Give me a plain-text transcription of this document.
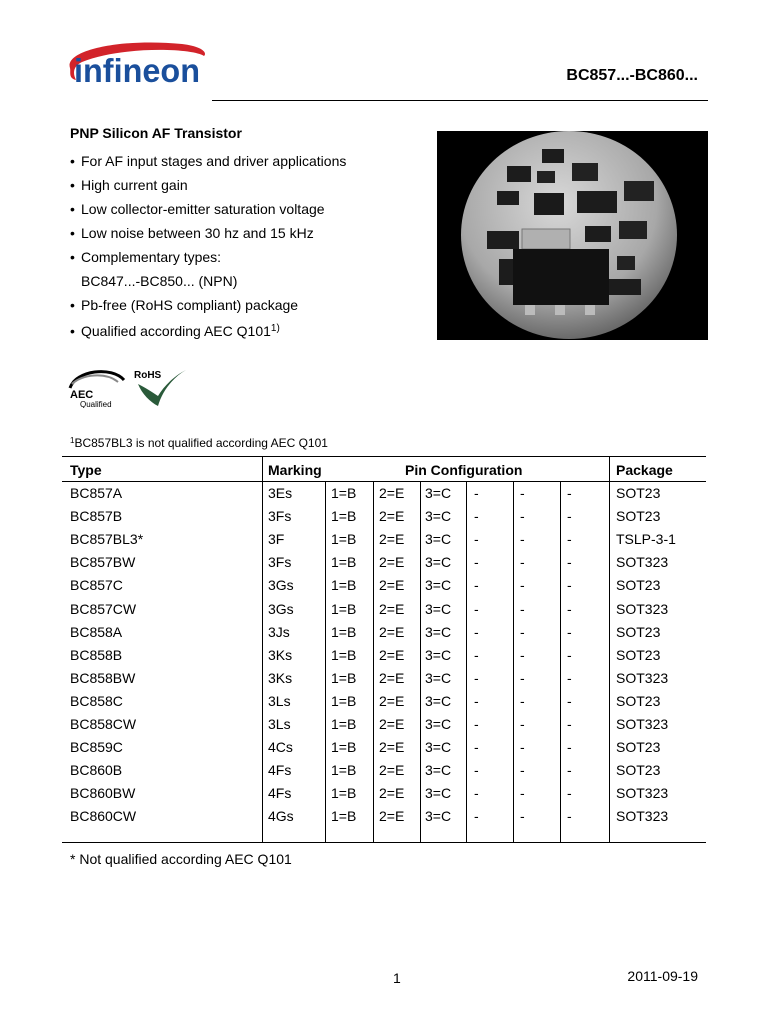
infineon	BC857...-BC860...
PNP Silicon AF Transistor
• For AF input stages and driver applications
• High current gain
• Low collector-emitter saturation voltage
• Low noise between 30 hz and 15 kHz
• Complementary types:
BC847...-BC850... (NPN)
• Pb-free (RoHS compliant) package
• Qualified according AEC Q101$^{1)}$
AEC
Qualified
RoHS
$^1$BC857BL3 is not qualified according AEC Q101
Type	Marking	Pin Configuration	Package
BC857A	3Es	1=B 2=E 3=C -	-	-	SOT23
BC857B	3Fs	1=B 2=E 3=C -	-	-	SOT23
BC857BL3*	3F	1=B 2=E 3=C -	-	-	TSLP-3-1
BC857BW	3Fs	1=B 2=E 3=C -	-	-	SOT323
BC857C	3Gs	1=B 2=E 3=C -	-	-	SOT23
BC857CW	3Gs	1=B 2=E 3=C -	-	-	SOT323
BC858A	3Js	1=B 2=E 3=C -	-	-	SOT23
BC858B	3Ks	1=B 2=E 3=C -	-	-	SOT23
BC858BW	3Ks	1=B 2=E 3=C -	-	-	SOT323
BC858C	3Ls	1=B 2=E 3=C -	-	-	SOT23
BC858CW	3Ls	1=B 2=E 3=C -	-	-	SOT323
BC859C	4Cs	1=B 2=E 3=C -	-	-	SOT23
BC860B	4Fs	1=B 2=E 3=C -	-	-	SOT23
BC860BW	4Fs	1=B 2=E 3=C -	-	-	SOT323
BC860CW	4Gs	1=B 2=E 3=C -	-	-	SOT323
* Not qualified according AEC Q101
1	2011-09-19
